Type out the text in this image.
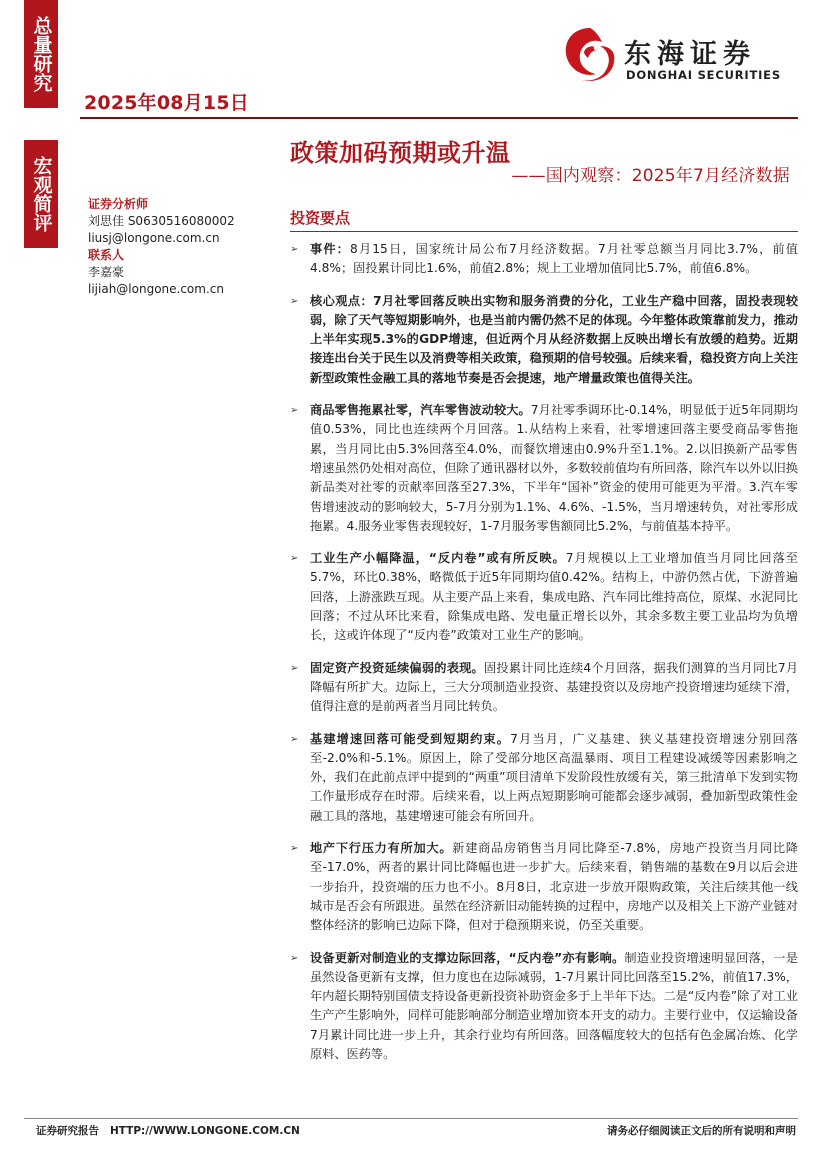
总量研究
宏观简评
2025年08月15日
东海证券
DONGHAI SECURITIES
政策加码预期或升温
——国内观察：2025年7月经济数据
证券分析师
刘思佳 S0630516080002
liusj@longone.com.cn
联系人
李嘉豪
lijiah@longone.com.cn
投资要点
➢ 事件：8月15日，国家统计局公布7月经济数据。7月社零总额当月同比3.7%，前值4.8%；固投累计同比1.6%，前值2.8%；规上工业增加值同比5.7%，前值6.8%。
➢ 核心观点：7月社零回落反映出实物和服务消费的分化，工业生产稳中回落，固投表现较弱，除了天气等短期影响外，也是当前内需仍然不足的体现。今年整体政策靠前发力，推动上半年实现5.3%的GDP增速，但近两个月从经济数据上反映出增长有放缓的趋势。近期接连出台关于民生以及消费等相关政策，稳预期的信号较强。后续来看，稳投资方向上关注新型政策性金融工具的落地节奏是否会提速，地产增量政策也值得关注。
➢ 商品零售拖累社零，汽车零售波动较大。7月社零季调环比-0.14%，明显低于近5年同期均值0.53%，同比也连续两个月回落。1.从结构上来看，社零增速回落主要受商品零售拖累，当月同比由5.3%回落至4.0%，而餐饮增速由0.9%升至1.1%。2.以旧换新产品零售增速虽然仍处相对高位，但除了通讯器材以外，多数较前值均有所回落，除汽车以外以旧换新品类对社零的贡献率回落至27.3%，下半年“国补”资金的使用可能更为平滑。3.汽车零售增速波动的影响较大，5-7月分别为1.1%、4.6%、-1.5%，当月增速转负，对社零形成拖累。4.服务业零售表现较好，1-7月服务零售额同比5.2%，与前值基本持平。
➢ 工业生产小幅降温，“反内卷”或有所反映。7月规模以上工业增加值当月同比回落至5.7%，环比0.38%，略微低于近5年同期均值0.42%。结构上，中游仍然占优，下游普遍回落，上游涨跌互现。从主要产品上来看，集成电路、汽车同比维持高位，原煤、水泥同比回落；不过从环比来看，除集成电路、发电量正增长以外，其余多数主要工业品均为负增长，这或许体现了“反内卷”政策对工业生产的影响。
➢ 固定资产投资延续偏弱的表现。固投累计同比连续4个月回落，据我们测算的当月同比7月降幅有所扩大。边际上，三大分项制造业投资、基建投资以及房地产投资增速均延续下滑，值得注意的是前两者当月同比转负。
➢ 基建增速回落可能受到短期约束。7月当月，广义基建、狭义基建投资增速分别回落至-2.0%和-5.1%。原因上，除了受部分地区高温暴雨、项目工程建设减缓等因素影响之外，我们在此前点评中提到的“两重”项目清单下发阶段性放缓有关，第三批清单下发到实物工作量形成存在时滞。后续来看，以上两点短期影响可能都会逐步减弱，叠加新型政策性金融工具的落地，基建增速可能会有所回升。
➢ 地产下行压力有所加大。新建商品房销售当月同比降至-7.8%，房地产投资当月同比降至-17.0%，两者的累计同比降幅也进一步扩大。后续来看，销售端的基数在9月以后会进一步抬升，投资端的压力也不小。8月8日，北京进一步放开限购政策，关注后续其他一线城市是否会有所跟进。虽然在经济新旧动能转换的过程中，房地产以及相关上下游产业链对整体经济的影响已边际下降，但对于稳预期来说，仍至关重要。
➢ 设备更新对制造业的支撑边际回落，“反内卷”亦有影响。制造业投资增速明显回落，一是虽然设备更新有支撑，但力度也在边际减弱，1-7月累计同比回落至15.2%，前值17.3%，年内超长期特别国债支持设备更新投资补助资金多于上半年下达。二是“反内卷”除了对工业生产产生影响外，同样可能影响部分制造业增加资本开支的动力。主要行业中，仅运输设备7月累计同比进一步上升，其余行业均有所回落。回落幅度较大的包括有色金属冶炼、化学原料、医药等。
证券研究报告   HTTP://WWW.LONGONE.COM.CN	请务必仔细阅读正文后的所有说明和声明
